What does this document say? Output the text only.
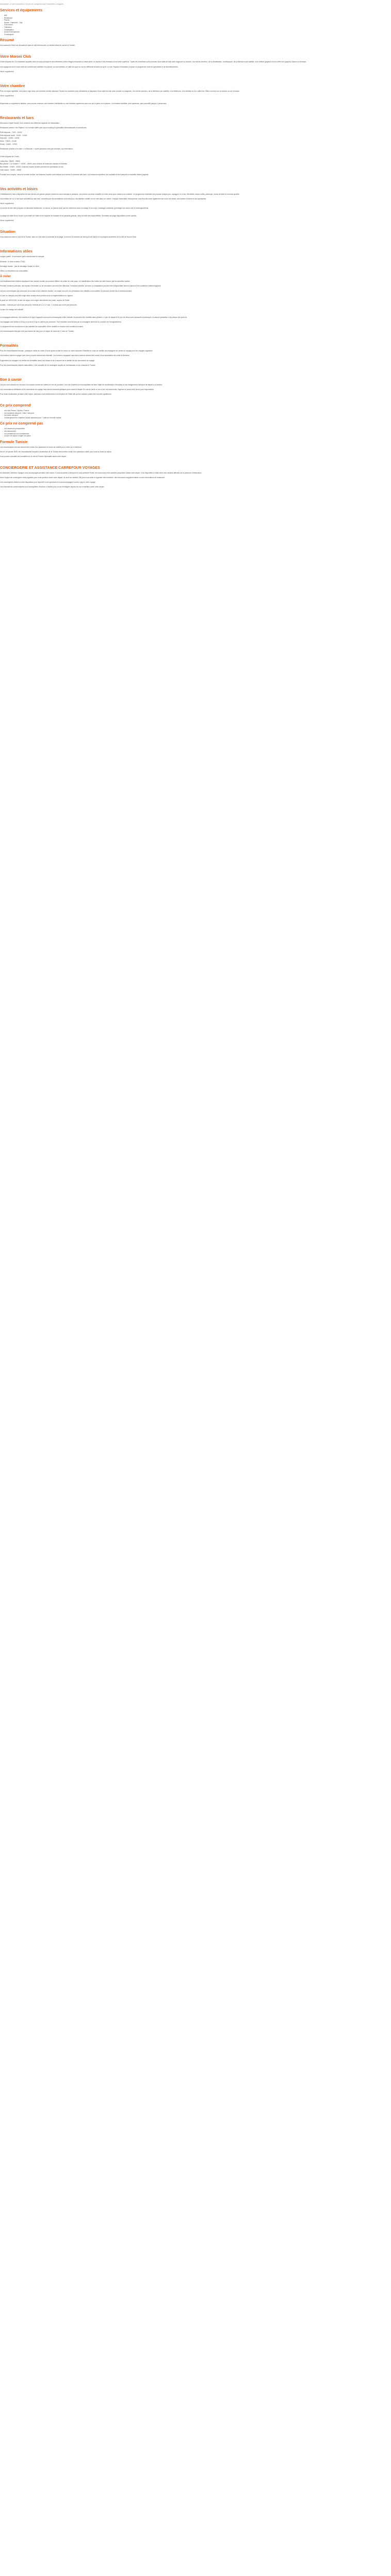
Description Ce prix comprend / Ce prix ne comprend pas Formalités Consignes
Services et équipements
– Wifi
– Restaurant
– Piscine
– Sauna - Hammam - Spa
– Club enfant
– Télévision
– Climatisation
– Accueil francophone
– Conciergerie
Résumé

Vos vacances d'hiver se dérouleront dans le club Moroni avec un climat estival du sud de la Tunisie.

Votre Moroni Club

L'hôtel dispose de 210 chambres réparties dans le corps principal et des bâtiments à deux étages entourant un vaste jardin, la piscine et les terrasses d'une belle superficie. Toutes les chambres sont pourvues d'une salle de bain avec baignoire ou douche, d'un sèche-cheveux, de la climatisation, du téléphone, de la télévision par satellite, d'un minibar (payant) et d'un coffre-fort (payant). Balcon ou terrasse.

Les voyageurs ont le choix entre de nombreuses activités à la piscine, au club enfants, en salle de sport ou sur les différents terrains de sport. Le soir, l'équipe d'animation propose un programme varié de spectacles et de divertissements.

*Avec supplément

Votre chambre

Pour un séjour agréable, vous serez logé dans une chambre double standard. Toutes les chambres sont climatisées et disposent d'une salle de bain avec douche ou baignoire, d'un sèche-cheveux, de la télévision par satellite, d'un téléphone, d'un minibar et d'un coffre-fort. Elles s'ouvrent sur un balcon ou une terrasse.

*Avec supplément

Moyennant un supplément tarifaire, vous pouvez réserver une chambre individuelle ou une chambre supérieure avec vue sur le jardin ou la piscine. La chambre familiale, plus spacieuse, peut accueillir jusqu'à 4 personnes.

Restaurants et bars

Découvrez l'esprit Moroni Club à travers ses différents espaces de restauration:

Restaurant central « les Palmes » en formule buffet avec show cooking et spécialités internationales et tunisiennes.

Petit déjeuner : 7h00 - 10h00

Petit déjeuner tardif : 10h00 - 11h00

Déjeuner : 12h30 - 14h30

Dîner : 19h00 - 21h30

Snack : 14h00 - 17h00

Restaurant tunisien à la carte « Le Bédouin » ouvert plusieurs soirs par semaine, sur réservation.

L'hôtel dispose de 3 bars :

Lobby Bar : 09h00 - 00h00

Bar piscine « Le Sunset » : 10h00 - 18h00, avec service de boissons chaudes et fraîches

Bar théâtre : 20h00 - 00h00, boissons locales servies pendant les spectacles du soir

Café maure : 10h00 - 18h00

Formule tout compris : selon la formule choisie, les boissons locales sont incluses aux heures d'ouverture des bars. Les boissons importées, les cocktails et les boissons en bouteille restent payants.

Vos activités et loisirs

L'établissement met à disposition de ses clients une grande piscine extérieure avec transats et parasols, une piscine couverte chauffée en hiver ainsi qu'un bassin pour enfants. Un programme d'activités est proposé chaque jour: aquagym, tir à l'arc, fléchettes, beach-volley, pétanque, tennis de table et tournois sportifs.

Les enfants de 4 à 12 ans sont accueillis au mini-club, encadrés par des animateurs, avec des jeux, des ateliers créatifs et une mini-disco en soirée. L'équipe d'animation francophone vous fera découvrir également des cours de danse, des soirées à thème et des spectacles.

*Avec supplément

Le centre de bien-être propose un hammam traditionnel, un sauna, un jacuzzi ainsi que de nombreux soins du visage et du corps, massages relaxants, gommages au savon noir et enveloppements.

La plage de sable fin se trouve à proximité de l'hôtel et est équipée de transats et de parasols gratuits, dans la limite des disponibilités. Serviettes de plage disponibles contre caution.

*Avec supplément

Situation

Vous séjournez dans le sud de la Tunisie, dans un club situé à proximité de la plage, à environ 15 minutes de l'aéroport de Djerba et à quelques kilomètres de la ville de Houmt Souk.

Informations utiles

Langue parlée : le personnel parle couramment le français.

Monnaie : le dinar tunisien (TND).

Décalage horaire : pas de décalage horaire en hiver.

Offres ou réductions non cumulables.

À noter

Les établissements hôteliers appliquent des normes locales qui peuvent différer de celles de votre pays. La classification des hôtels est celle fournie par les autorités locales.

Pendant certaines périodes, des travaux d'entretien ou de rénovation peuvent être effectués. Certaines activités, services ou installations peuvent être indisponibles selon la saison et les conditions météorologiques.

Les prix sont indiqués par personne sur la base d'une chambre double. Les repas non pris, les prestations non utilisées ou écourtées ne peuvent donner lieu à remboursement.

Le port du masque peut être exigé dans certains lieux publics selon la réglementation en vigueur.

À partir du 15/11/2024, la taxe de séjour est à régler directement sur place, auprès de l'hôtel.

Adultes : 3 dinars par nuit et par personne. Enfants de 12 à 17 ans : 1,5 dinar par nuit et par personne.

Le taux de change est indicatif.

La compagnie aérienne, les horaires et le type d'appareil vous sont communiqués à titre indicatif. Ils peuvent être modifiés sans préavis. Le jour de départ et le jour de retour sont consacrés au transport, et aucune prestation n'est prévue ces jours-là.

Les bagages sont limités à 20 kg en soute et 5 kg en cabine par personne. Tout excédent sera facturé par la compagnie aérienne au moment de l'enregistrement.

Le programme des excursions et des activités est susceptible d'être modifié en fonction des conditions locales.

Les ressortissants français n'ont pas besoin de visa pour un séjour de moins de 3 mois en Tunisie.

Formalités

Pour les ressortissants français : passeport valide au moins 6 mois après la date de retour ou carte nationale d'identité en cours de validité accompagnée du carnet de voyage pour les voyages organisés.

Les mineurs doivent voyager avec leurs propres documents d'identité. Les mineurs voyageant sans leurs parents doivent être munis d'une autorisation de sortie du territoire.

Il appartient au voyageur de vérifier les formalités avant son départ et de s'assurer de la validité de ses documents de voyage.

Pour les ressortissants d'autres nationalités, il est conseillé de se renseigner auprès de l'ambassade ou du consulat de Tunisie.

Bon à savoir

Les prix sont calculés sur la base d'un certain nombre de nuitées et non de journées. Les vols charters sont susceptibles de faire l'objet de modifications d'horaires ou de changement d'aéroport de départ ou d'arrivée.

Les convocations définitives et les documents de voyage vous seront transmis quelques jours avant le départ. En cas de perte ou de vol de vos documents, l'agence ne pourra être tenue pour responsable.

Pour toute réclamation pendant votre séjour, adressez-vous directement à la réception de l'hôtel afin qu'une solution puisse être trouvée rapidement.

Ce prix comprend
– Les vols France / Djerba / France
– Les transferts aéroport / hôtel / aéroport
– Les taxes aéroport
– L'hébergement en chambre double standard pour 7 nuits en formule choisie
Ce prix ne comprend pas
– Les dépenses personnelles
– Les assurances
– Les prestations non mentionnées
– La taxe de séjour à régler sur place
Formule Tunisie

Les ressortissants français doivent être munis d'un passeport en cours de validité pour entrer sur le territoire.

Des le 1er janvier 2025, les ressortissants français à destination de la Tunisie devront être munis d'un passeport valide pour toute la durée du séjour.

Vous pouvez consulter les formalités sur le site de France Diplomatie avant votre départ.

CONCIERGERIE ET ASSISTANCE CARREFOUR VOYAGES

Un Assistant Carrefour Voyages vous accompagne pendant votre séjour. Il vous accueille à l'aéroport et vous présente l'hôtel, les excursions et les activités proposées durant votre séjour. Il est disponible à l'hôtel selon des horaires affichés sur le panneau d'information.

Notre équipe de conciergerie reste joignable pour toute question avant votre départ, du lundi au samedi. Elle peut vous aider à organiser des transferts, des excursions supplémentaires ou des réservations de restaurant.

Les conciergeries restent à votre disposition pour répondre à vos questions et vous accompagner tout au long de votre voyage.

Les informations communiquées sont susceptibles d'évoluer, n'hésitez pas à vous renseigner auprès de nos conseillers avant votre départ.
